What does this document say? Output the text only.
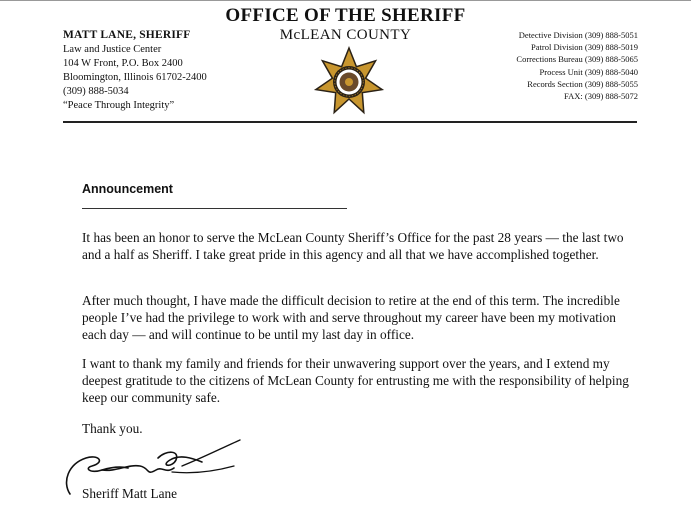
OFFICE OF THE SHERIFF
McLEAN COUNTY
MATT LANE, SHERIFF
Law and Justice Center
104 W Front, P.O. Box 2400
Bloomington, Illinois 61702-2400
(309) 888-5034
“Peace Through Integrity”
Detective Division (309) 888-5051
Patrol Division (309) 888-5019
Corrections Bureau (309) 888-5065
Process Unit (309) 888-5040
Records Section (309) 888-5055
FAX: (309) 888-5072
Announcement
It has been an honor to serve the McLean County Sheriff’s Office for the past 28 years — the last two and a half as Sheriff. I take great pride in this agency and all that we have accomplished together.
After much thought, I have made the difficult decision to retire at the end of this term. The incredible people I’ve had the privilege to work with and serve throughout my career have been my motivation each day — and will continue to be until my last day in office.
I want to thank my family and friends for their unwavering support over the years, and I extend my deepest gratitude to the citizens of McLean County for entrusting me with the responsibility of helping keep our community safe.
Thank you.
Sheriff Matt Lane
